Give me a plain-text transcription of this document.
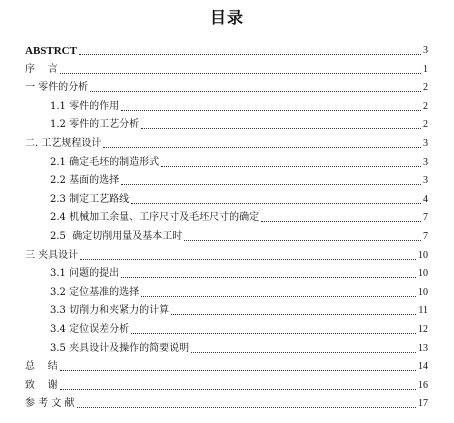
目录
ABSTRCT	3
序    言	1
一 零件的分析	2
1.1 零件的作用	2
1.2 零件的工艺分析	2
二. 工艺规程设计	3
2.1 确定毛坯的制造形式	3
2.2 基面的选择	3
2.3 制定工艺路线	4
2.4 机械加工余量、工序尺寸及毛坯尺寸的确定	7
2.5  确定切削用量及基本工时	7
三 夹具设计	10
3.1 问题的提出	10
3.2 定位基准的选择	10
3.3 切削力和夹紧力的计算	11
3.4 定位误差分析	12
3.5 夹具设计及操作的简要说明	13
总    结	14
致    谢	16
参 考 文 献	17
